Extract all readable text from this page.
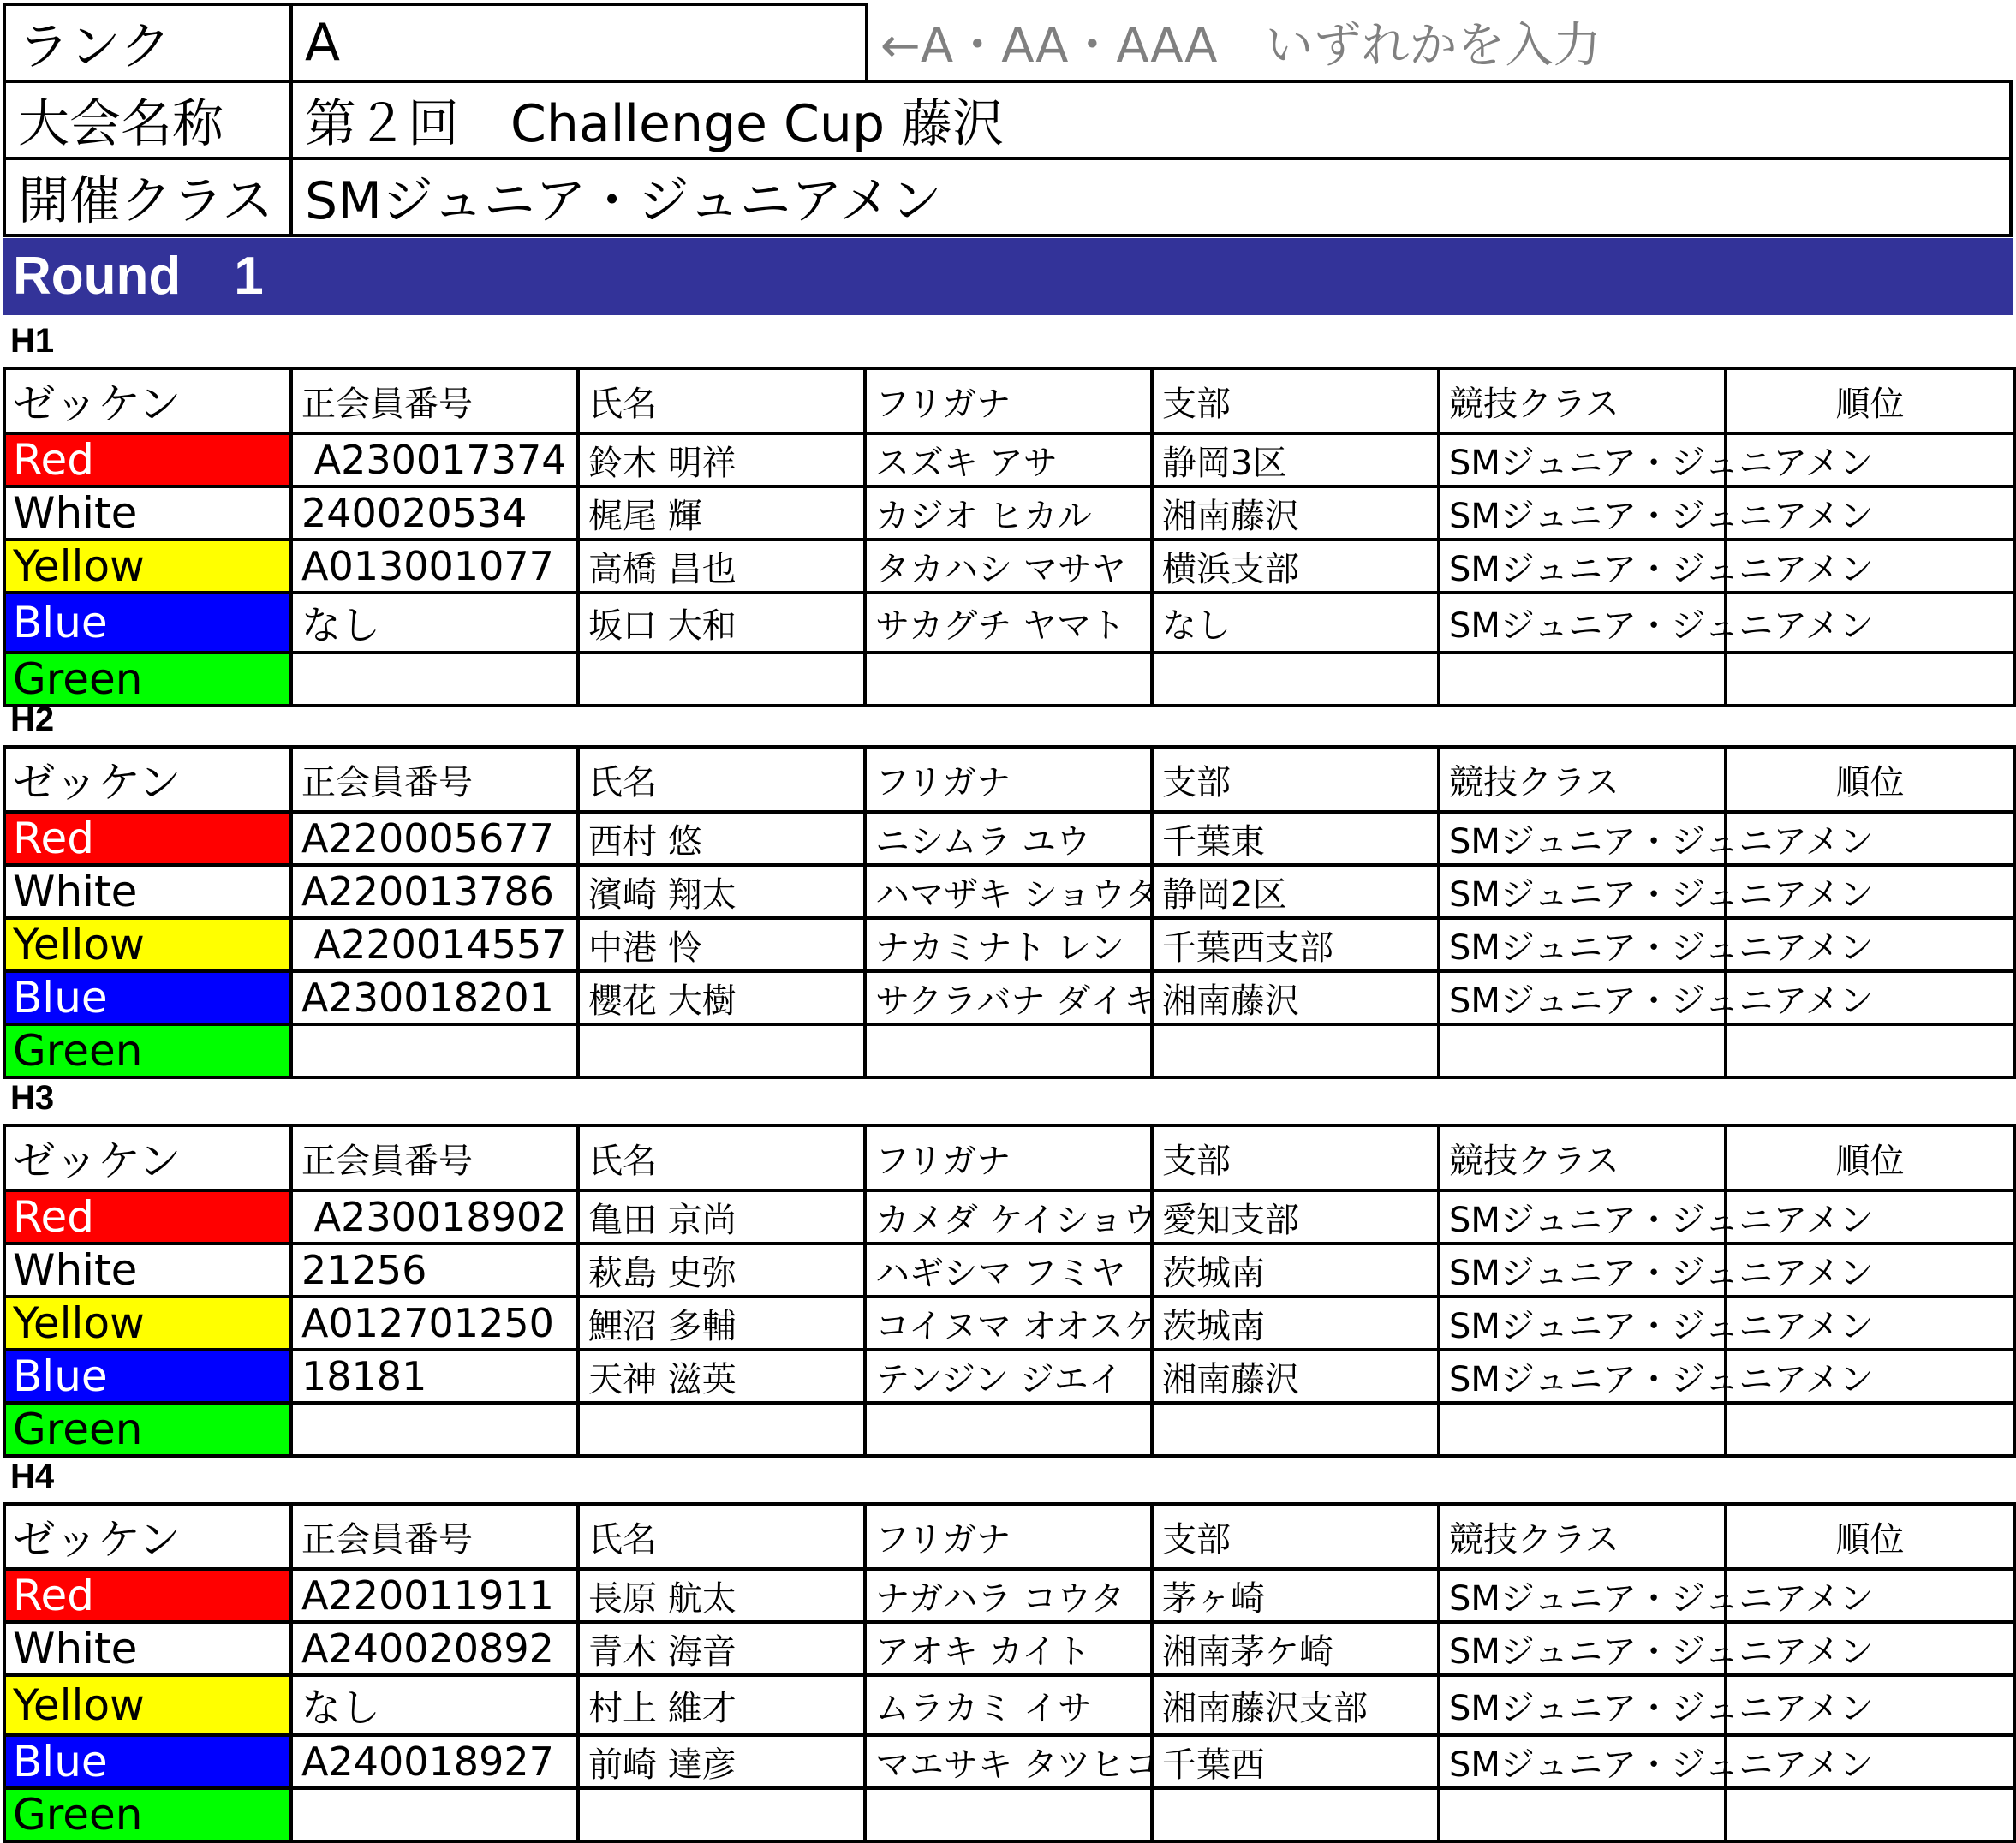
ランク	A	←A・AA・AAA　いずれかを入力
大会名称	第２回　Challenge Cup 藤沢	
開催クラス	SMジュニア・ジュニアメン	
Round　1
H1
ゼッケン	正会員番号	氏名	フリガナ	支部	競技クラス	順位
Red	A230017374	鈴木 明祥	スズキ アサ	静岡3区	SMジュニア・ジュニアメン	
White	240020534	梶尾 輝	カジオ ヒカル	湘南藤沢	SMジュニア・ジュニアメン	
Yellow	A013001077	高橋 昌也	タカハシ マサヤ	横浜支部	SMジュニア・ジュニアメン	
Blue	なし	坂口 大和	サカグチ ヤマト	なし	SMジュニア・ジュニアメン	
Green						
H2
ゼッケン	正会員番号	氏名	フリガナ	支部	競技クラス	順位
Red	A220005677	西村 悠	ニシムラ ユウ	千葉東	SMジュニア・ジュニアメン	
White	A220013786	濱崎 翔太	ハマザキ ショウタ	静岡2区	SMジュニア・ジュニアメン	
Yellow	A220014557	中港 怜	ナカミナト レン	千葉西支部	SMジュニア・ジュニアメン	
Blue	A230018201	櫻花 大樹	サクラバナ ダイキ	湘南藤沢	SMジュニア・ジュニアメン	
Green						
H3
ゼッケン	正会員番号	氏名	フリガナ	支部	競技クラス	順位
Red	A230018902	亀田 京尚	カメダ ケイショウ	愛知支部	SMジュニア・ジュニアメン	
White	21256	萩島 史弥	ハギシマ フミヤ	茨城南	SMジュニア・ジュニアメン	
Yellow	A012701250	鯉沼 多輔	コイヌマ オオスケ	茨城南	SMジュニア・ジュニアメン	
Blue	18181	天神 滋英	テンジン ジエイ	湘南藤沢	SMジュニア・ジュニアメン	
Green						
H4
ゼッケン	正会員番号	氏名	フリガナ	支部	競技クラス	順位
Red	A220011911	長原 航太	ナガハラ コウタ	茅ヶ崎	SMジュニア・ジュニアメン	
White	A240020892	青木 海音	アオキ カイト	湘南茅ケ崎	SMジュニア・ジュニアメン	
Yellow	なし	村上 維才	ムラカミ イサ	湘南藤沢支部	SMジュニア・ジュニアメン	
Blue	A240018927	前崎 達彦	マエサキ タツヒコ	千葉西	SMジュニア・ジュニアメン	
Green						
